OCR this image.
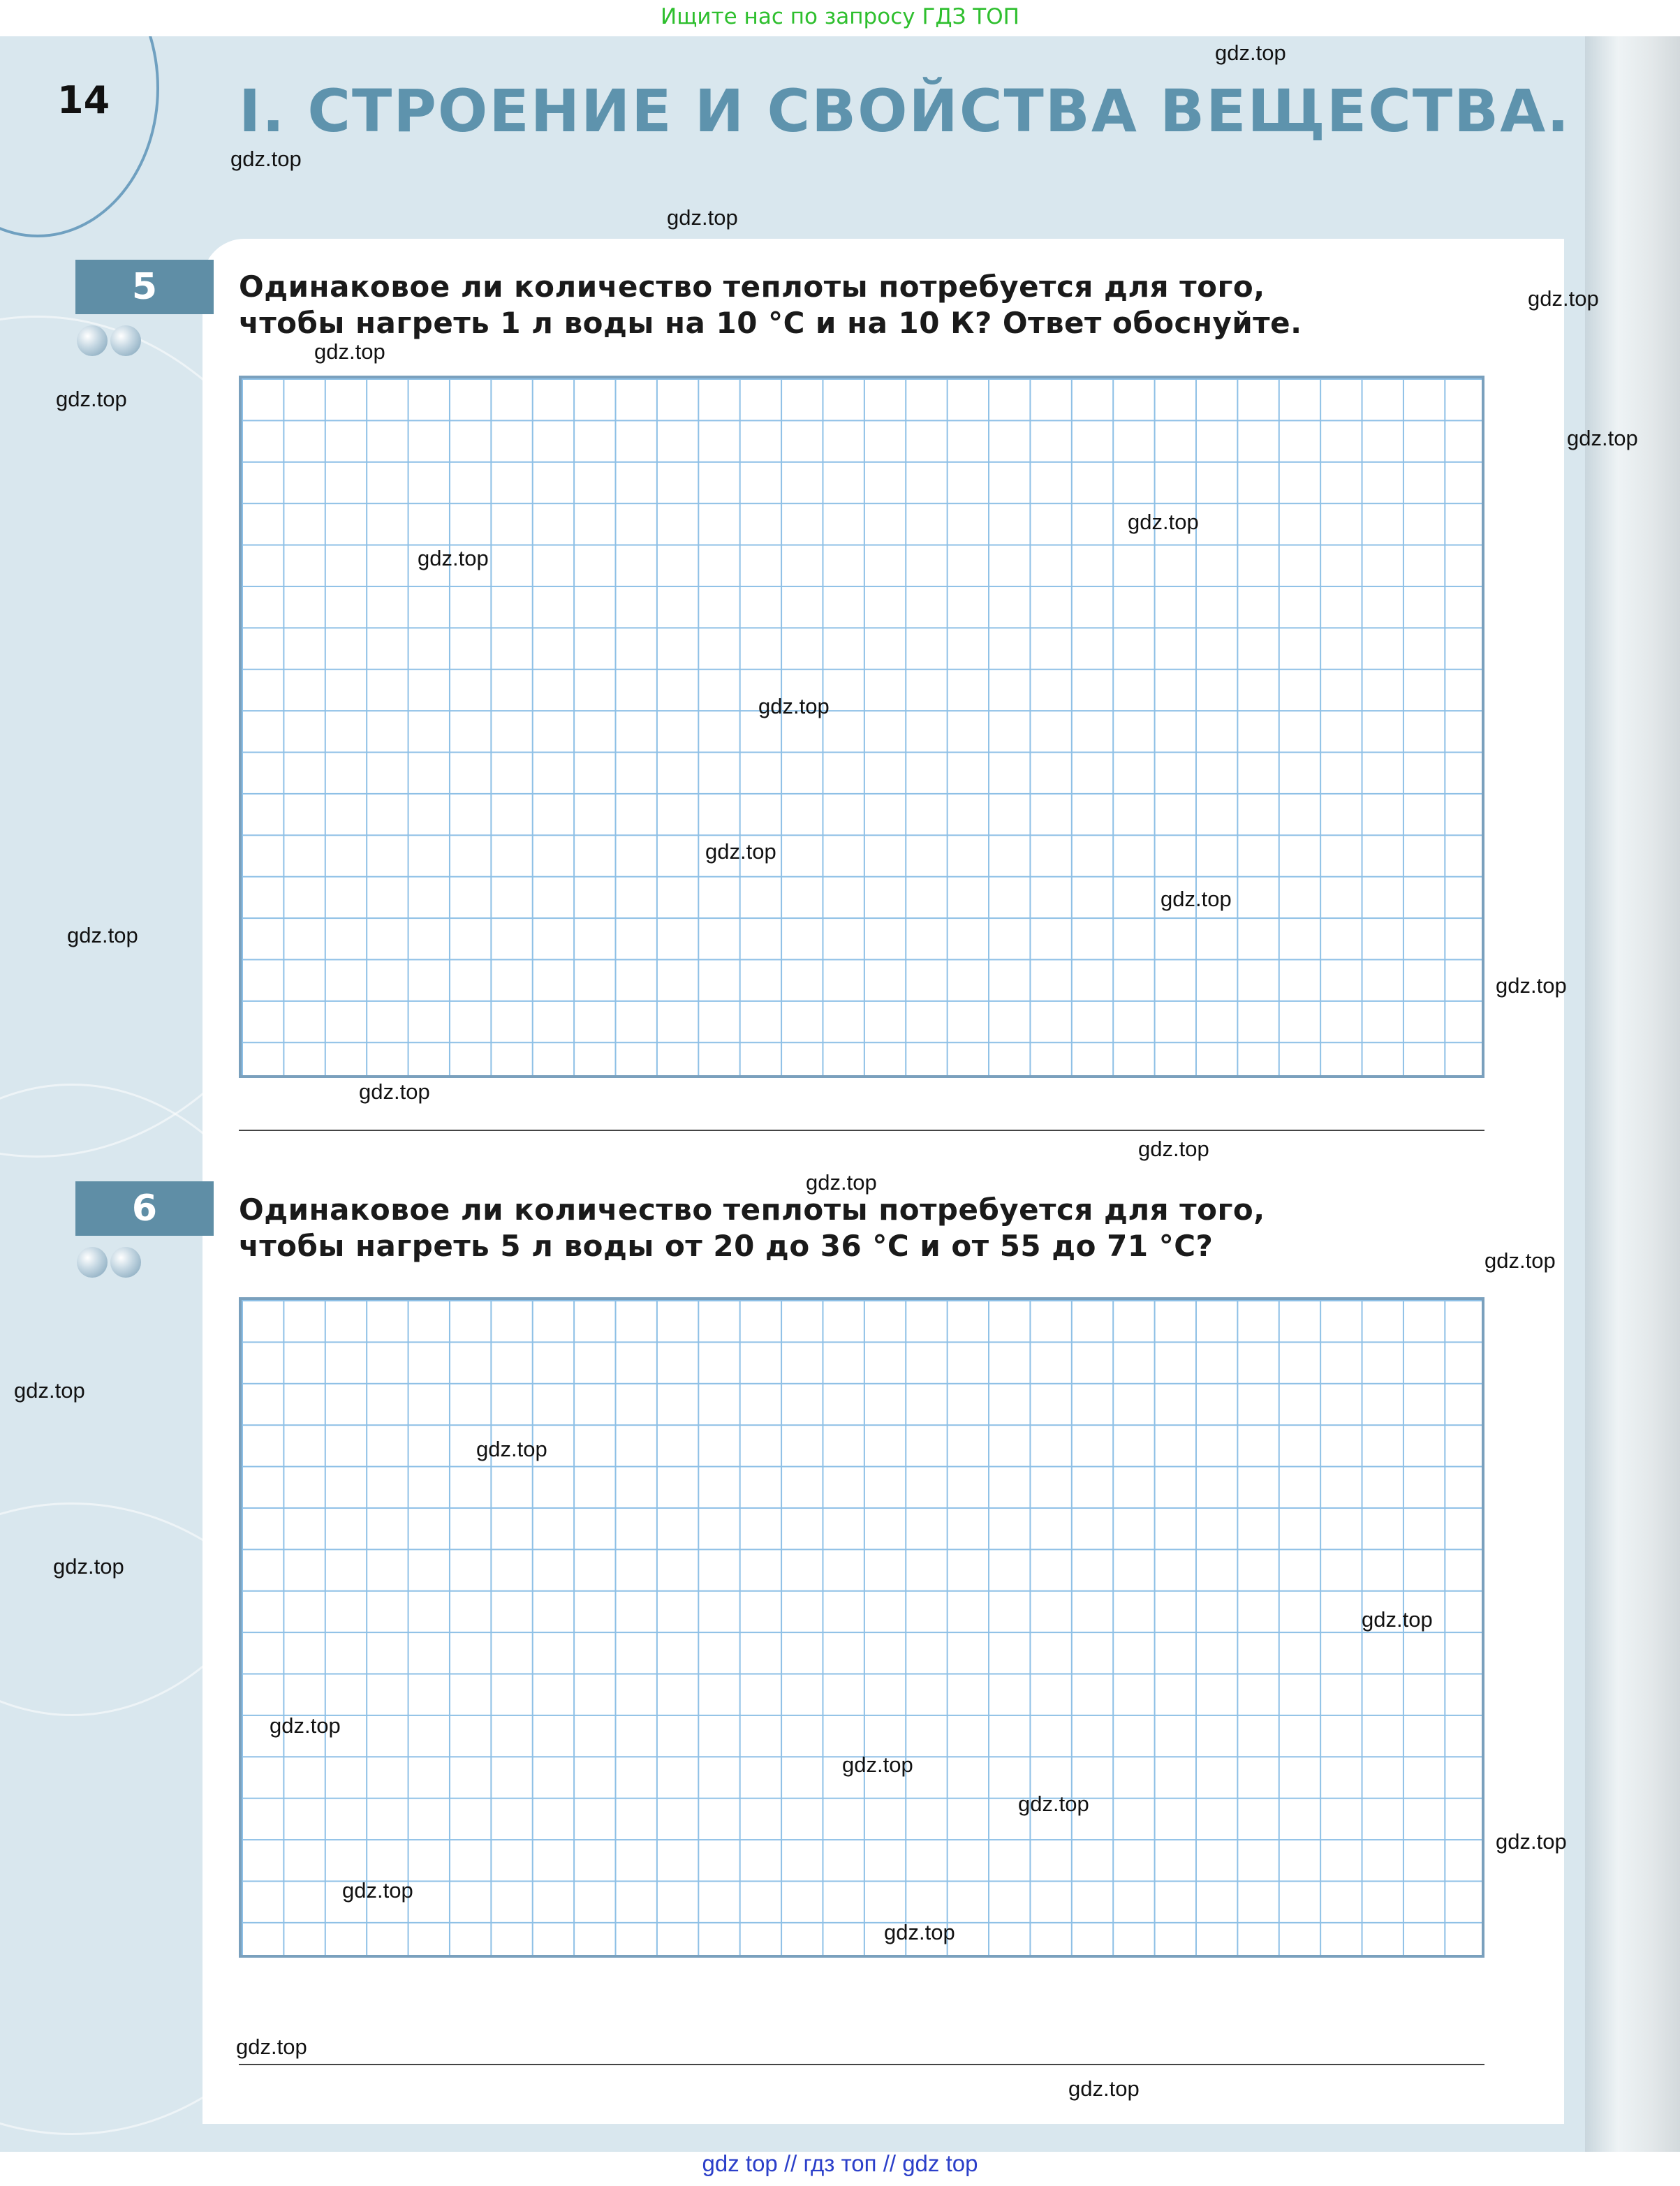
Ищите нас по запросу ГДЗ ТОП
14 I. СТРОЕНИЕ И СВОЙСТВА ВЕЩЕСТВА.
5	Одинаковое ли количество теплоты потребуется для того,
чтобы нагреть 1 л воды на 10 °С и на 10 К? Ответ обоснуйте.
6	Одинаковое ли количество теплоты потребуется для того,
чтобы нагреть 5 л воды от 20 до 36 °С и от 55 до 71 °С?
gdz.top
gdz.top
gdz.top
gdz.top
gdz.top
gdz.top
gdz.top
gdz.top
gdz.top
gdz.top
gdz.top
gdz.top
gdz.top
gdz.top
gdz.top
gdz.top
gdz.top
gdz.top
gdz.top
gdz.top
gdz.top
gdz.top
gdz.top
gdz.top
gdz.top
gdz.top
gdz.top
gdz.top
gdz.top
gdz.top
gdz top // гдз топ // gdz top
